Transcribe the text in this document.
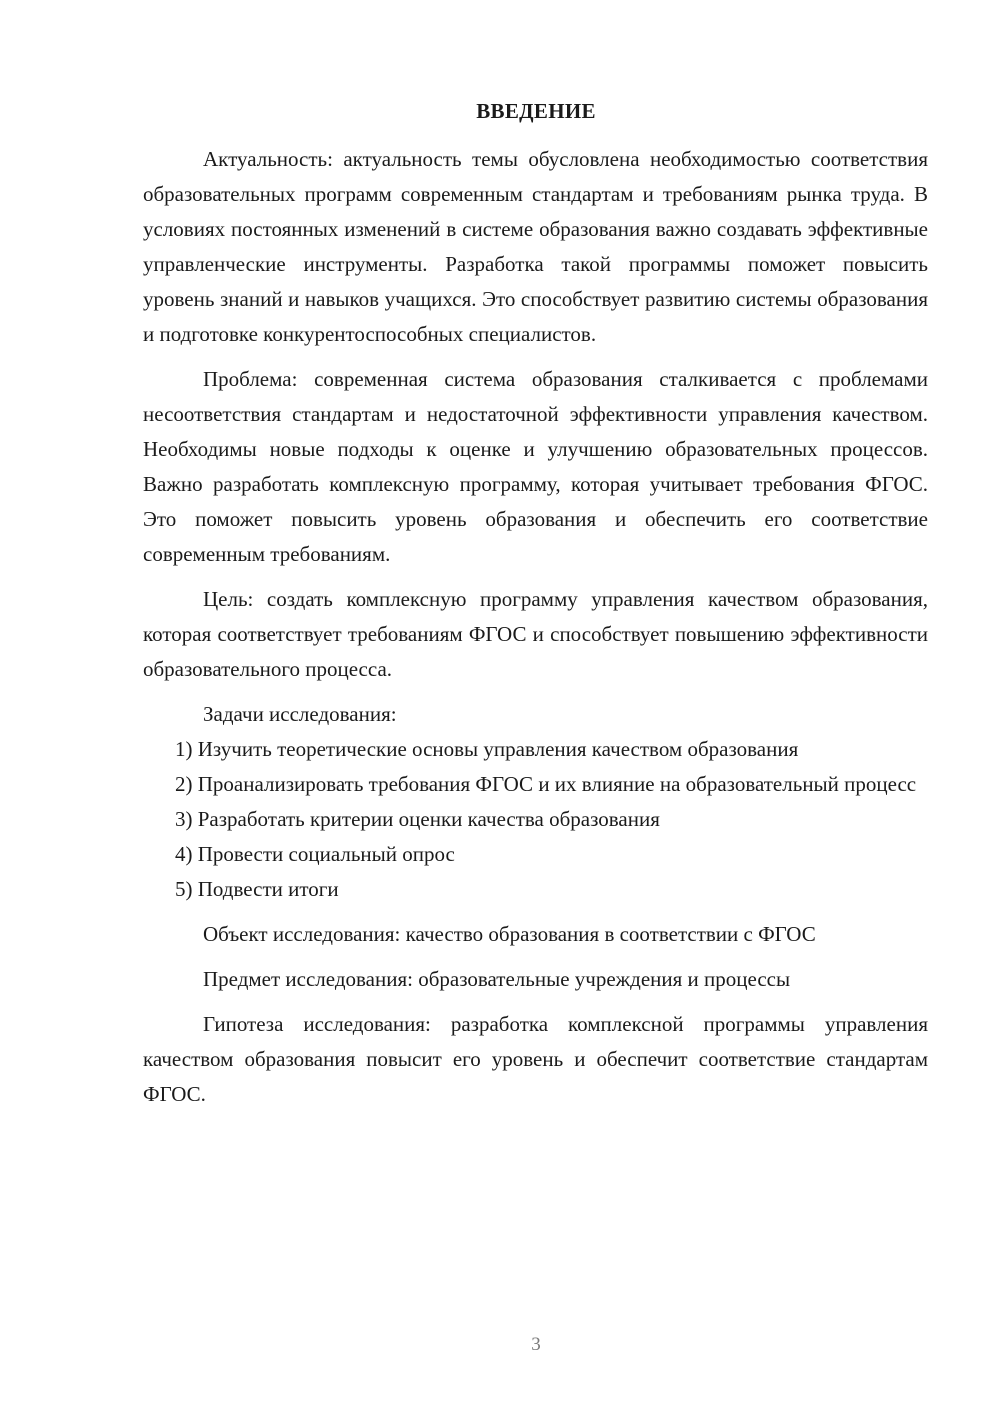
ВВЕДЕНИЕ

Актуальность: актуальность темы обусловлена необходимостью соответствия образовательных программ современным стандартам и требованиям рынка труда. В условиях постоянных изменений в системе образования важно создавать эффективные управленческие инструменты. Разработка такой программы поможет повысить уровень знаний и навыков учащихся. Это способствует развитию системы образования и подготовке конкурентоспособных специалистов.

Проблема: современная система образования сталкивается с проблемами несоответствия стандартам и недостаточной эффективности управления качеством. Необходимы новые подходы к оценке и улучшению образовательных процессов. Важно разработать комплексную программу, которая учитывает требования ФГОС. Это поможет повысить уровень образования и обеспечить его соответствие современным требованиям.

Цель: создать комплексную программу управления качеством образования, которая соответствует требованиям ФГОС и способствует повышению эффективности образовательного процесса.

Задачи исследования:

1) Изучить теоретические основы управления качеством образования

2) Проанализировать требования ФГОС и их влияние на образовательный процесс

3) Разработать критерии оценки качества образования

4) Провести социальный опрос

5) Подвести итоги

Объект исследования: качество образования в соответствии с ФГОС

Предмет исследования: образовательные учреждения и процессы

Гипотеза исследования: разработка комплексной программы управления качеством образования повысит его уровень и обеспечит соответствие стандартам ФГОС.

3
